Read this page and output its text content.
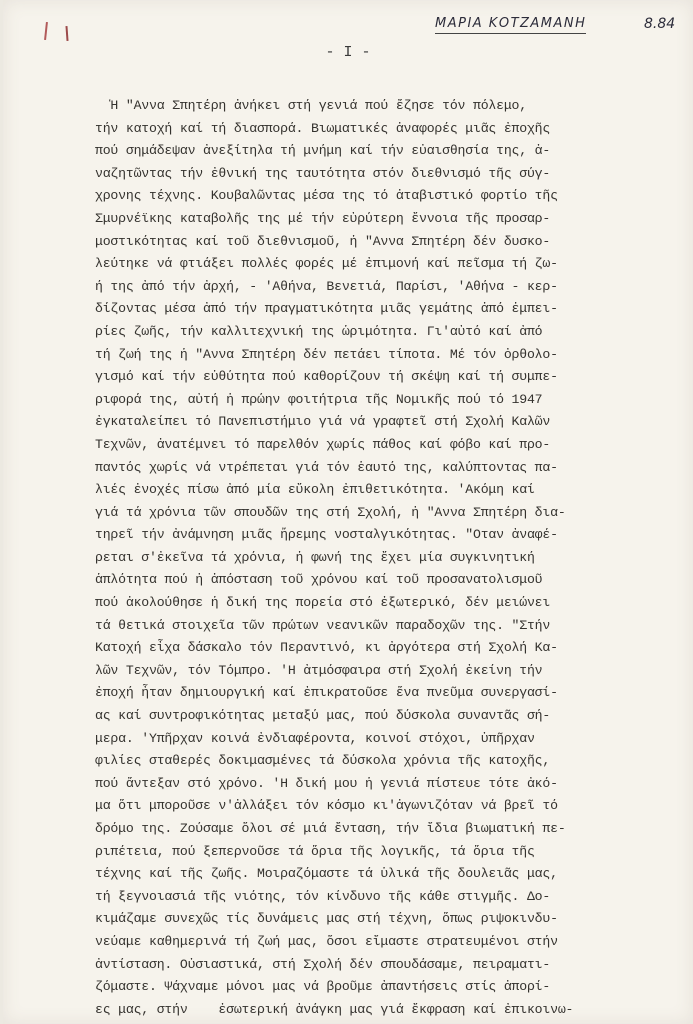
ΜΑΡΙΑ ΚΟΤΖΑΜΑΝΗ	8.84
- I -
Ἡ "Αννα Σπητέρη ἀνήκει στή γενιά πού ἔζησε τόν πόλεμο,
τήν κατοχή καί τή διασπορά. Βιωματικές ἀναφορές μιᾶς ἐποχῆς
πού σημάδεψαν ἀνεξίτηλα τή μνήμη καί τήν εὐαισθησία της, ἀ-
ναζητῶντας τήν ἐθνική της ταυτότητα στόν διεθνισμό τῆς σύγ-
χρονης τέχνης. Κουβαλῶντας μέσα της τό ἀταβιστικό φορτίο τῆς
Σμυρνέϊκης καταβολῆς της μέ τήν εὐρύτερη ἔννοια τῆς προσαρ-
μοστικότητας καί τοῦ διεθνισμοῦ, ἡ "Αννα Σπητέρη δέν δυσκο-
λεύτηκε νά φτιάξει πολλές φορές μέ ἐπιμονή καί πεῖσμα τή ζω-
ή της ἀπό τήν ἀρχή, - 'Αθήνα, Βενετιά, Παρίσι, 'Αθήνα - κερ-
δίζοντας μέσα ἀπό τήν πραγματικότητα μιᾶς γεμάτης ἀπό ἐμπει-
ρίες ζωῆς, τήν καλλιτεχνική της ὡριμότητα. Γι'αὐτό καί ἀπό
τή ζωή της ἡ "Αννα Σπητέρη δέν πετάει τίποτα. Μέ τόν ὀρθολο-
γισμό καί τήν εὐθύτητα πού καθορίζουν τή σκέψη καί τή συμπε-
ριφορά της, αὐτή ἡ πρώην φοιτήτρια τῆς Νομικῆς πού τό 1947
ἐγκαταλείπει τό Πανεπιστήμιο γιά νά γραφτεῖ στή Σχολή Καλῶν
Τεχνῶν, ἀνατέμνει τό παρελθόν χωρίς πάθος καί φόβο καί προ-
παντός χωρίς νά ντρέπεται γιά τόν ἑαυτό της, καλύπτοντας πα-
λιές ἐνοχές πίσω ἀπό μία εὔκολη ἐπιθετικότητα. 'Ακόμη καί
γιά τά χρόνια τῶν σπουδῶν της στή Σχολή, ἡ "Αννα Σπητέρη δια-
τηρεῖ τήν ἀνάμνηση μιᾶς ἤρεμης νοσταλγικότητας. "Οταν ἀναφέ-
ρεται σ'ἐκεῖνα τά χρόνια, ἡ φωνή της ἔχει μία συγκινητική
ἁπλότητα πού ἡ ἀπόσταση τοῦ χρόνου καί τοῦ προσανατολισμοῦ
πού ἀκολούθησε ἡ δική της πορεία στό ἐξωτερικό, δέν μειώνει
τά θετικά στοιχεῖα τῶν πρώτων νεανικῶν παραδοχῶν της. "Στήν
Κατοχή εἶχα δάσκαλο τόν Περαντινό, κι ἀργότερα στή Σχολή Κα-
λῶν Τεχνῶν, τόν Τόμπρο. 'Η ἀτμόσφαιρα στή Σχολή ἐκείνη τήν
ἐποχή ἦταν δημιουργική καί ἐπικρατοῦσε ἕνα πνεῦμα συνεργασί-
ας καί συντροφικότητας μεταξύ μας, πού δύσκολα συναντᾶς σή-
μερα. 'Υπῆρχαν κοινά ἐνδιαφέροντα, κοινοί στόχοι, ὑπῆρχαν
φιλίες σταθερές δοκιμασμένες τά δύσκολα χρόνια τῆς κατοχῆς,
πού ἄντεξαν στό χρόνο. 'Η δική μου ἡ γενιά πίστευε τότε ἀκό-
μα ὅτι μποροῦσε ν'ἀλλάξει τόν κόσμο κι'ἀγωνιζόταν νά βρεῖ τό
δρόμο της. Ζούσαμε ὅλοι σέ μιά ἔνταση, τήν ἴδια βιωματική πε-
ριπέτεια, πού ξεπερνοῦσε τά ὅρια τῆς λογικῆς, τά ὅρια τῆς
τέχνης καί τῆς ζωῆς. Μοιραζόμαστε τά ὑλικά τῆς δουλειᾶς μας,
τή ξεγνοιασιά τῆς νιότης, τόν κίνδυνο τῆς κάθε στιγμῆς. Δο-
κιμάζαμε συνεχῶς τίς δυνάμεις μας στή τέχνη, ὅπως ριψοκινδυ-
νεύαμε καθημερινά τή ζωή μας, ὅσοι εἴμαστε στρατευμένοι στήν
ἀντίσταση. Οὐσιαστικά, στή Σχολή δέν σπουδάσαμε, πειραματι-
ζόμαστε. Ψάχναμε μόνοι μας νά βροῦμε ἀπαντήσεις στίς ἀπορί-
ες μας, στήν    ἐσωτερική ἀνάγκη μας γιά ἔκφραση καί ἐπικοινω-
